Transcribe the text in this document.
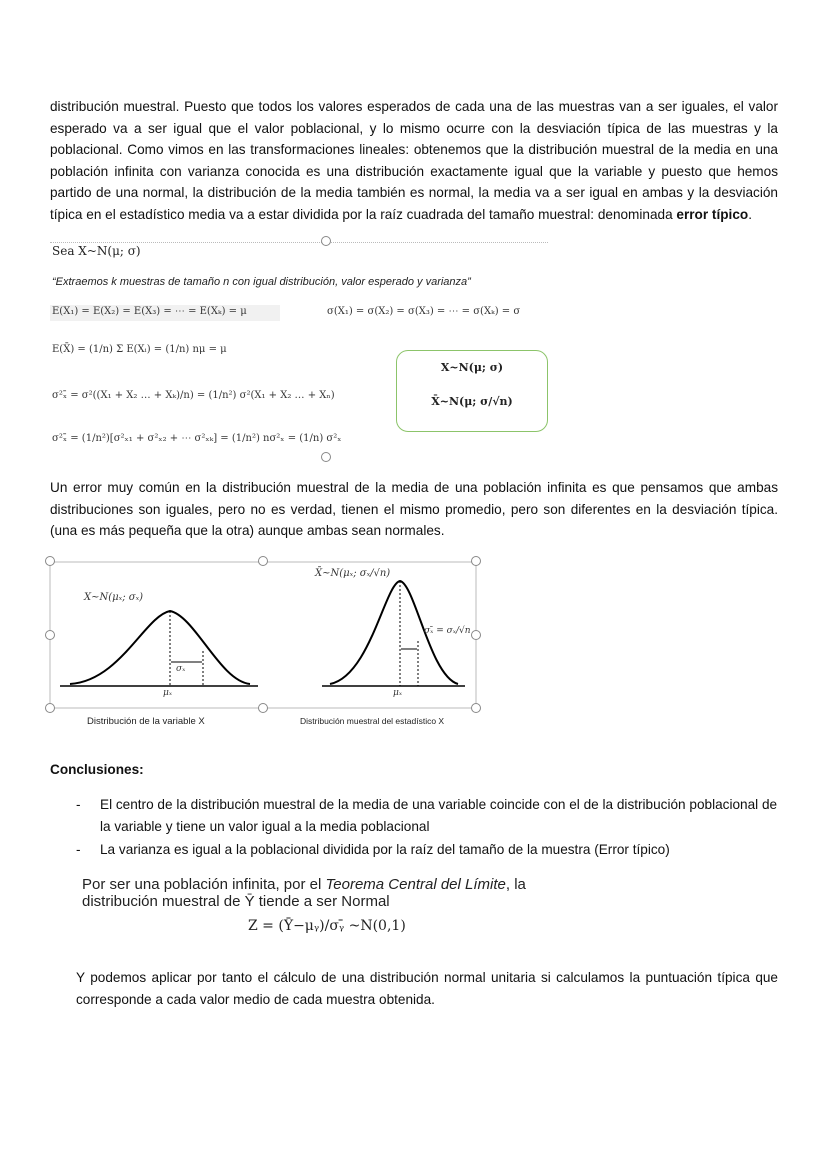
distribución muestral. Puesto que todos los valores esperados de cada una de las muestras van a ser iguales, el valor esperado va a ser igual que el valor poblacional, y lo mismo ocurre con la desviación típica de las muestras y la poblacional. Como vimos en las transformaciones lineales: obtenemos que la distribución muestral de la media en una población infinita con varianza conocida es una distribución exactamente igual que la variable y puesto que hemos partido de una normal, la distribución de la media también es normal, la media va a ser igual en ambas y la desviación típica en el estadístico media va a estar dividida por la raíz cuadrada del tamaño muestral: denominada error típico.
Sea X~N(μ; σ)
“Extraemos k muestras de tamaño n con igual distribución, valor esperado y varianza”
E(X₁) = E(X₂) = E(X₃) = ⋯ = E(Xₖ) = μ	σ(X₁) = σ(X₂) = σ(X₃) = ⋯ = σ(Xₖ) = σ
E(X̄) = (1/n) Σ E(Xᵢ) = (1/n) nμ = μ
σ²ₓ̄ = σ²((X₁ + X₂ … + Xₖ)/n) = (1/n²) σ²(X₁ + X₂ … + Xₙ)
σ²ₓ̄ = (1/n²)[σ²ₓ₁ + σ²ₓ₂ + ⋯ σ²ₓₖ] = (1/n²) nσ²ₓ = (1/n) σ²ₓ
X~N(μ; σ)
X̄~N(μ; σ/√n)
Un error muy común en la distribución muestral de la media de una población infinita es que pensamos que ambas distribuciones son iguales, pero no es verdad, tienen el mismo promedio, pero son diferentes en la desviación típica. (una es más pequeña que la otra) aunque ambas sean normales.
X~N(μₓ; σₓ)
σₓ
μₓ
Distribución de la variable X
X̄~N(μₓ; σₓ/√n)
σₓ̄ = σₓ/√n
μₓ
Distribución muestral del estadístico X
Conclusiones:
- El centro de la distribución muestral de la media de una variable coincide con el de la distribución poblacional de la variable y tiene un valor igual a la media poblacional
- La varianza es igual a la poblacional dividida por la raíz del tamaño de la muestra (Error típico)
Por ser una población infinita, por el Teorema Central del Límite, la
distribución muestral de Ȳ tiende a ser Normal
Z = (Ȳ−μᵧ)/σᵧ̄ ~N(0,1)
Y podemos aplicar por tanto el cálculo de una distribución normal unitaria si calculamos la puntuación típica que corresponde a cada valor medio de cada muestra obtenida.
